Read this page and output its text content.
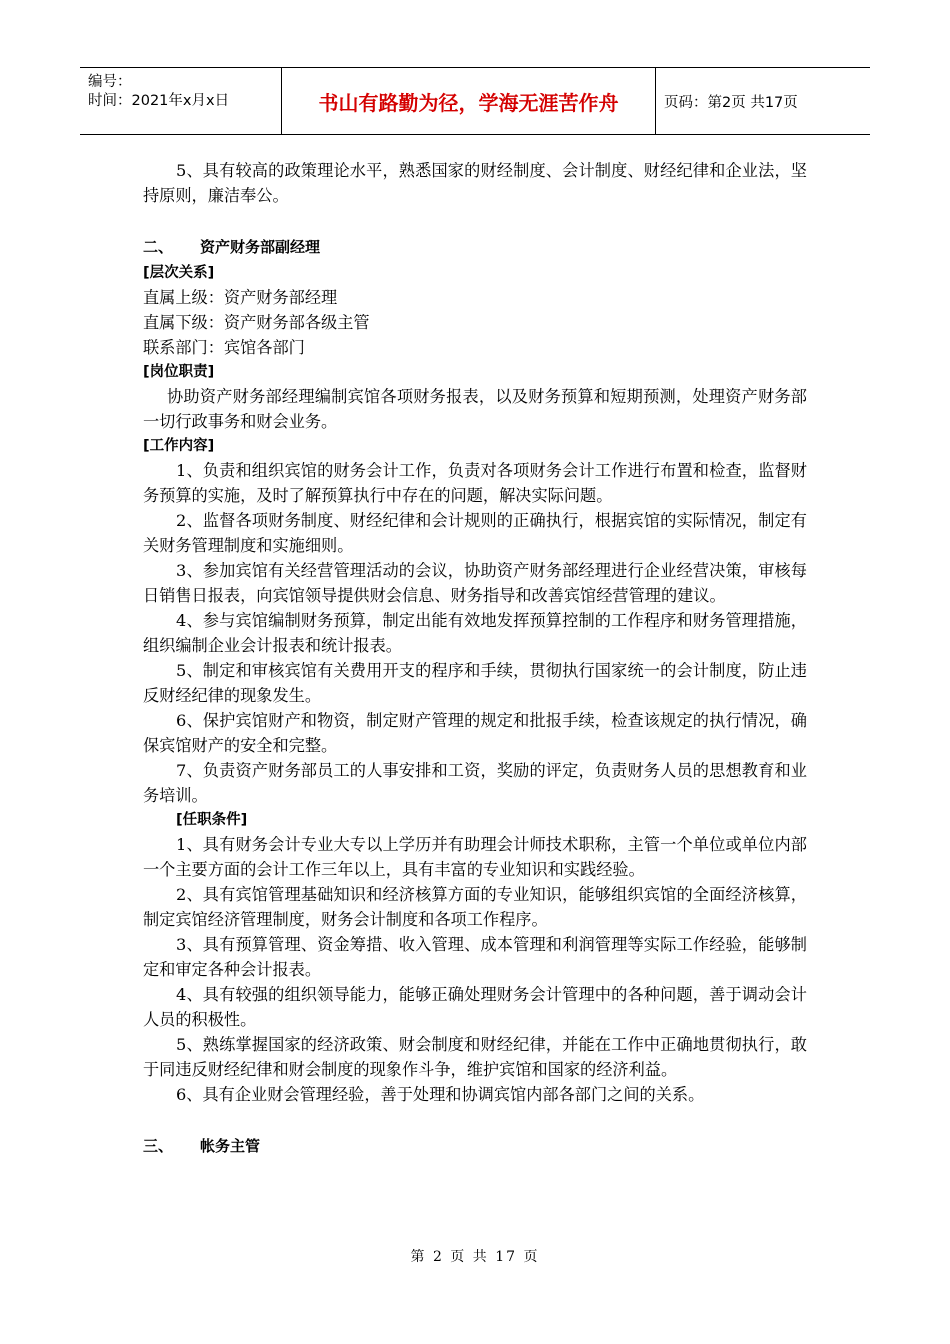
编号：
时间：2021年x月x日	书山有路勤为径，学海无涯苦作舟	页码：第2页 共17页

5、具有较高的政策理论水平，熟悉国家的财经制度、会计制度、财经纪律和企业法，坚持原则，廉洁奉公。

二、	资产财务部副经理
[层次关系]

直属上级：资产财务部经理

直属下级：资产财务部各级主管

联系部门：宾馆各部门

[岗位职责]

协助资产财务部经理编制宾馆各项财务报表，以及财务预算和短期预测，处理资产财务部一切行政事务和财会业务。

[工作内容]

1、负责和组织宾馆的财务会计工作，负责对各项财务会计工作进行布置和检查，监督财务预算的实施，及时了解预算执行中存在的问题，解决实际问题。

2、监督各项财务制度、财经纪律和会计规则的正确执行，根据宾馆的实际情况，制定有关财务管理制度和实施细则。

3、参加宾馆有关经营管理活动的会议，协助资产财务部经理进行企业经营决策，审核每日销售日报表，向宾馆领导提供财会信息、财务指导和改善宾馆经营管理的建议。

4、参与宾馆编制财务预算，制定出能有效地发挥预算控制的工作程序和财务管理措施，组织编制企业会计报表和统计报表。

5、制定和审核宾馆有关费用开支的程序和手续，贯彻执行国家统一的会计制度，防止违反财经纪律的现象发生。

6、保护宾馆财产和物资，制定财产管理的规定和批报手续，检查该规定的执行情况，确保宾馆财产的安全和完整。

7、负责资产财务部员工的人事安排和工资，奖励的评定，负责财务人员的思想教育和业务培训。

[任职条件]

1、具有财务会计专业大专以上学历并有助理会计师技术职称，主管一个单位或单位内部一个主要方面的会计工作三年以上，具有丰富的专业知识和实践经验。

2、具有宾馆管理基础知识和经济核算方面的专业知识，能够组织宾馆的全面经济核算，制定宾馆经济管理制度，财务会计制度和各项工作程序。

3、具有预算管理、资金筹措、收入管理、成本管理和利润管理等实际工作经验，能够制定和审定各种会计报表。

4、具有较强的组织领导能力，能够正确处理财务会计管理中的各种问题，善于调动会计人员的积极性。

5、熟练掌握国家的经济政策、财会制度和财经纪律，并能在工作中正确地贯彻执行，敢于同违反财经纪律和财会制度的现象作斗争，维护宾馆和国家的经济利益。

6、具有企业财会管理经验，善于处理和协调宾馆内部各部门之间的关系。

三、	帐务主管
第 2 页 共 17 页
